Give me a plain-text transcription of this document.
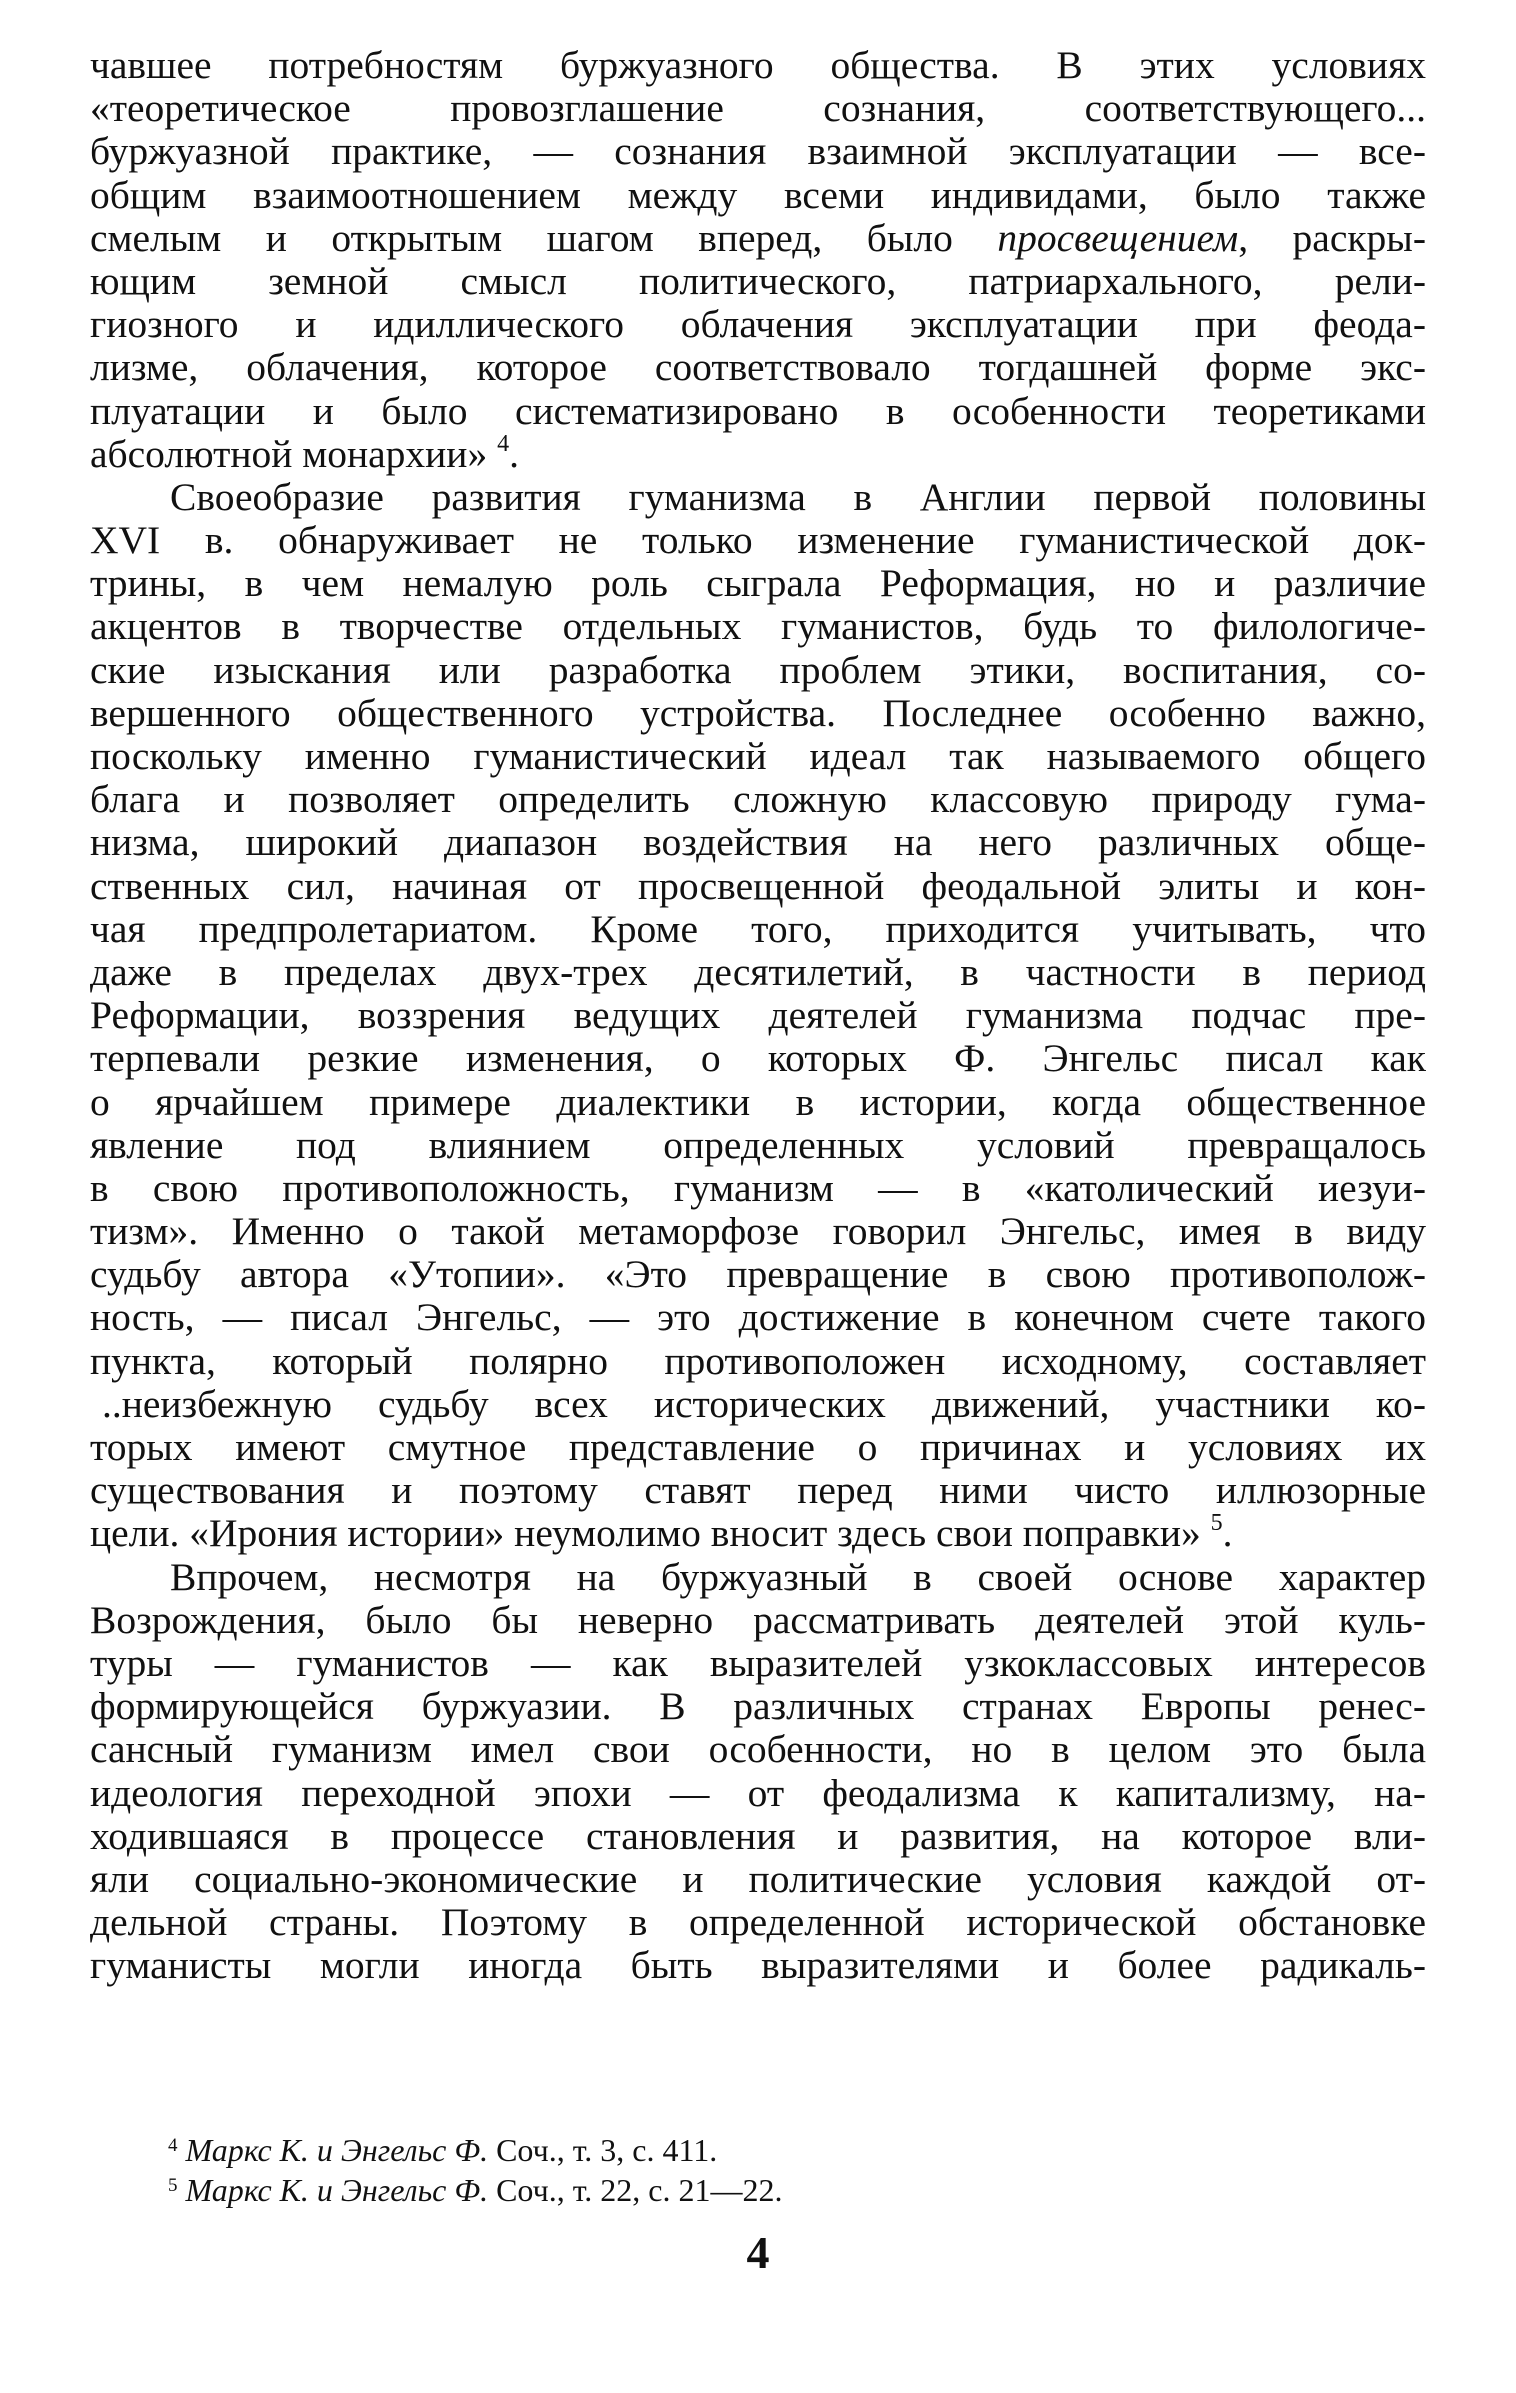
чавшее потребностям буржуазного общества. В этих условиях
«теоретическое провозглашение сознания, соответствующего...
буржуазной практике, — сознания взаимной эксплуатации — все-
общим взаимоотношением между всеми индивидами, было также
смелым и открытым шагом вперед, было просвещением, раскры-
ющим земной смысл политического, патриархального, рели-
гиозного и идиллического облачения эксплуатации при феода-
лизме, облачения, которое соответствовало тогдашней форме экс-
плуатации и было систематизировано в особенности теоретиками
абсолютной монархии» $^4$.
Своеобразие развития гуманизма в Англии первой половины
XVI в. обнаруживает не только изменение гуманистической док-
трины, в чем немалую роль сыграла Реформация, но и различие
акцентов в творчестве отдельных гуманистов, будь то филологиче-
ские изыскания или разработка проблем этики, воспитания, со-
вершенного общественного устройства. Последнее особенно важно,
поскольку именно гуманистический идеал так называемого общего
блага и позволяет определить сложную классовую природу гума-
низма, широкий диапазон воздействия на него различных обще-
ственных сил, начиная от просвещенной феодальной элиты и кон-
чая предпролетариатом. Кроме того, приходится учитывать, что
даже в пределах двух-трех десятилетий, в частности в период
Реформации, воззрения ведущих деятелей гуманизма подчас пре-
терпевали резкие изменения, о которых Ф. Энгельс писал как
о ярчайшем примере диалектики в истории, когда общественное
явление под влиянием определенных условий превращалось
в свою противоположность, гуманизм — в «католический иезуи-
тизм». Именно о такой метаморфозе говорил Энгельс, имея в виду
судьбу автора «Утопии». «Это превращение в свою противополож-
ность, — писал Энгельс, — это достижение в конечном счете такого
пункта, который полярно противоположен исходному, составляет
..неизбежную судьбу всех исторических движений, участники ко-
торых имеют смутное представление о причинах и условиях их
существования и поэтому ставят перед ними чисто иллюзорные
цели. «Ирония истории» неумолимо вносит здесь свои поправки» $^5$.
Впрочем, несмотря на буржуазный в своей основе характер
Возрождения, было бы неверно рассматривать деятелей этой куль-
туры — гуманистов — как выразителей узкоклассовых интересов
формирующейся буржуазии. В различных странах Европы ренес-
сансный гуманизм имел свои особенности, но в целом это была
идеология переходной эпохи — от феодализма к капитализму, на-
ходившаяся в процессе становления и развития, на которое вли-
яли социально-экономические и политические условия каждой от-
дельной страны. Поэтому в определенной исторической обстановке
гуманисты могли иногда быть выразителями и более радикаль-
$^4$ Маркс К. и Энгельс Ф. Соч., т. 3, с. 411.
$^5$ Маркс К. и Энгельс Ф. Соч., т. 22, с. 21—22.
4
